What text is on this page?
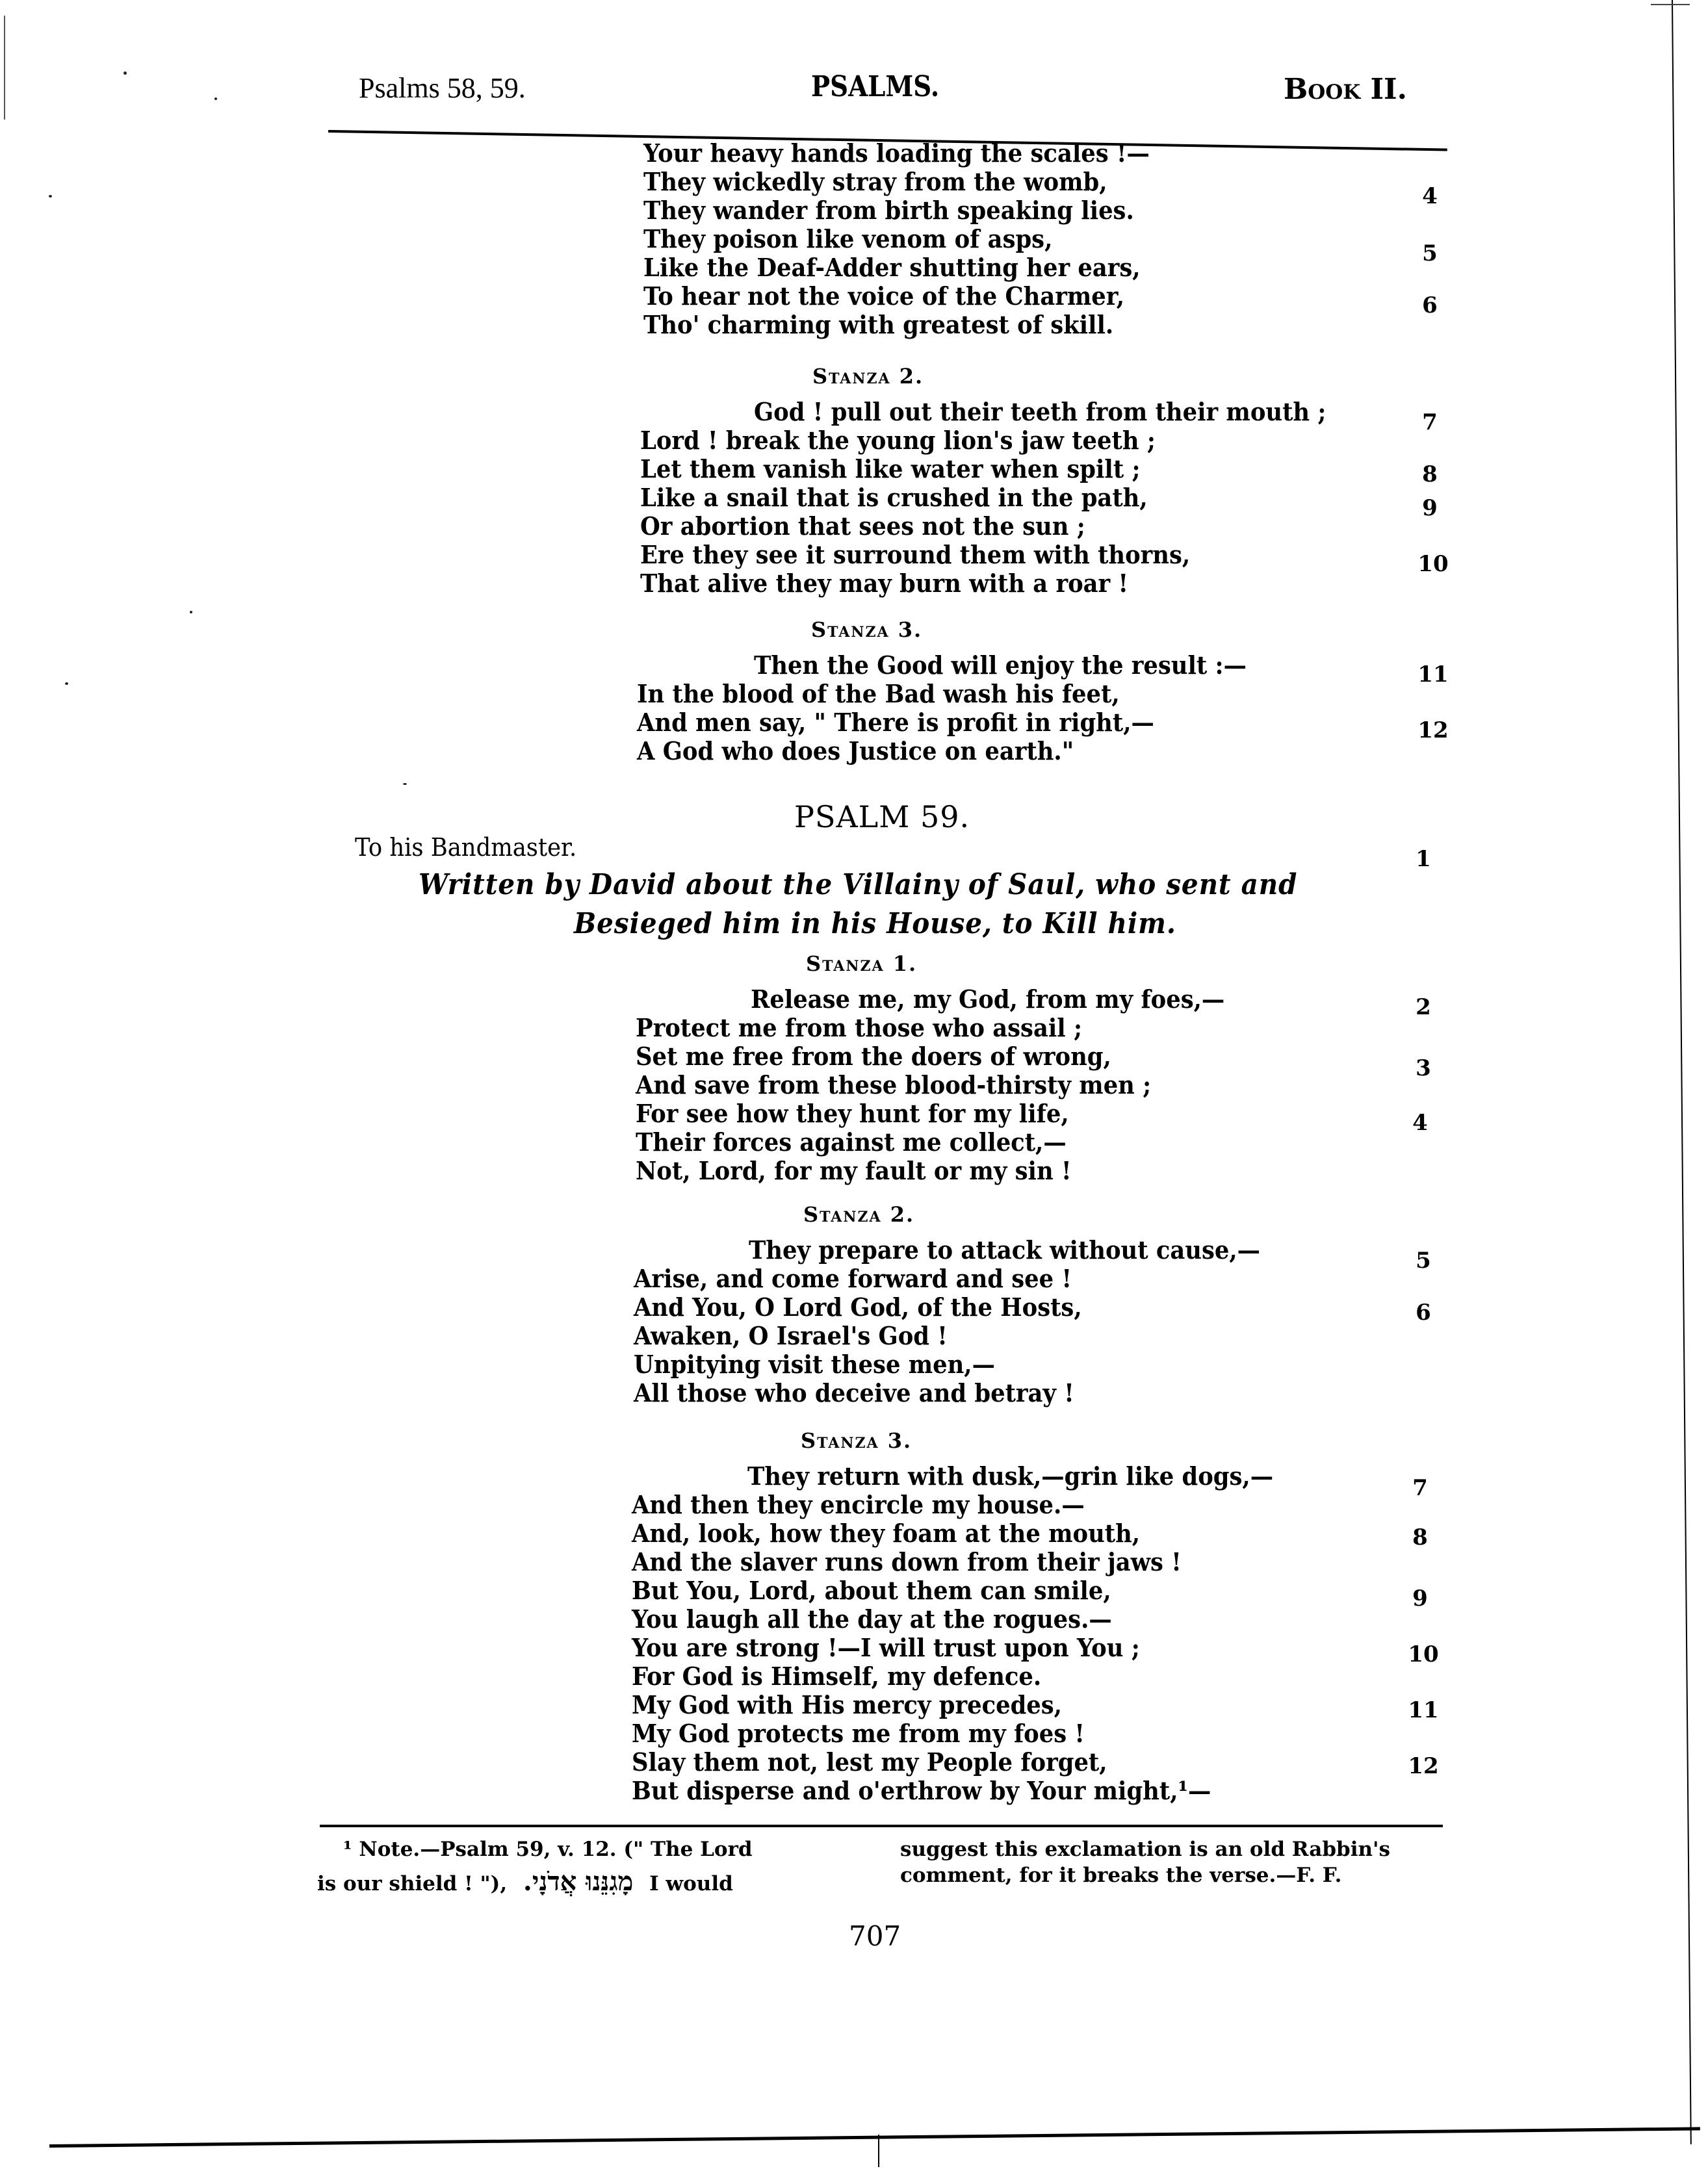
Psalms 58, 59.	PSALMS.	Book II.
Your heavy hands loading the scales !—
They wickedly stray from the womb,
They wander from birth speaking lies.
They poison like venom of asps,
Like the Deaf-Adder shutting her ears,
To hear not the voice of the Charmer,
Tho' charming with greatest of skill.
4
5
6
Stanza 2.
God ! pull out their teeth from their mouth ;
Lord ! break the young lion's jaw teeth ;
Let them vanish like water when spilt ;
Like a snail that is crushed in the path,
Or abortion that sees not the sun ;
Ere they see it surround them with thorns,
That alive they may burn with a roar !
7
8
9
10
Stanza 3.
Then the Good will enjoy the result :—
In the blood of the Bad wash his feet,
And men say, " There is profit in right,—
A God who does Justice on earth."
11
12
PSALM 59.
To his Bandmaster.	1
Written by David about the Villainy of Saul, who sent and
Besieged him in his House, to Kill him.
Stanza 1.
Release me, my God, from my foes,—
Protect me from those who assail ;
Set me free from the doers of wrong,
And save from these blood-thirsty men ;
For see how they hunt for my life,
Their forces against me collect,—
Not, Lord, for my fault or my sin !
2
3
4
Stanza 2.
They prepare to attack without cause,—
Arise, and come forward and see !
And You, O Lord God, of the Hosts,
Awaken, O Israel's God !
Unpitying visit these men,—
All those who deceive and betray !
5
6
Stanza 3.
They return with dusk,—grin like dogs,—
And then they encircle my house.—
And, look, how they foam at the mouth,
And the slaver runs down from their jaws !
But You, Lord, about them can smile,
You laugh all the day at the rogues.—
You are strong !—I will trust upon You ;
For God is Himself, my defence.
My God with His mercy precedes,
My God protects me from my foes !
Slay them not, lest my People forget,
But disperse and o'erthrow by Your might,¹—
7
8
9
10
11
12
¹ Note.—Psalm 59, v. 12. (" The Lord
is our shield ! "), מָגִנֵּנוּ אֲדֹנָי. I would
suggest this exclamation is an old Rabbin's
comment, for it breaks the verse.—F. F.
707
